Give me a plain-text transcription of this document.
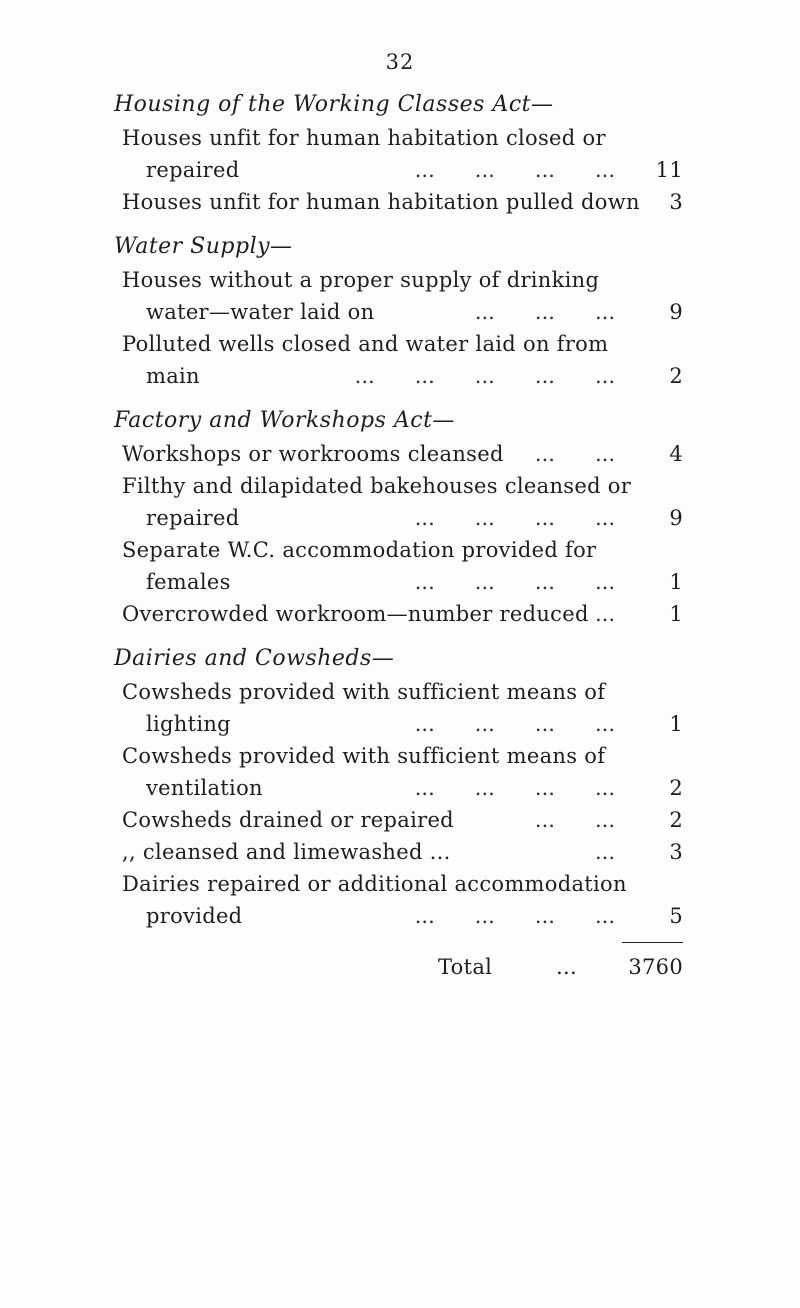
32
Housing of the Working Classes Act—
Houses unfit for human habitation closed or
repaired	...      ...      ...      ...	11
Houses unfit for human habitation pulled down	3
Water Supply—
Houses without a proper supply of drinking
water—water laid on	...      ...      ...	9
Polluted wells closed and water laid on from
main	...      ...      ...      ...      ...	2
Factory and Workshops Act—
Workshops or workrooms cleansed ...      ...	4
Filthy and dilapidated bakehouses cleansed or
repaired	...      ...      ...      ...	9
Separate W.C. accommodation provided for
females	...      ...      ...      ...	1
Overcrowded workroom—number reduced ...	1
Dairies and Cowsheds—
Cowsheds provided with sufficient means of
lighting	...      ...      ...      ...	1
Cowsheds provided with sufficient means of
ventilation	...      ...      ...      ...	2
Cowsheds drained or repaired	...      ...	2
,, cleansed and limewashed ...	...	3
Dairies repaired or additional accommodation
provided	...      ...      ...      ...	5
Total	... 3760
